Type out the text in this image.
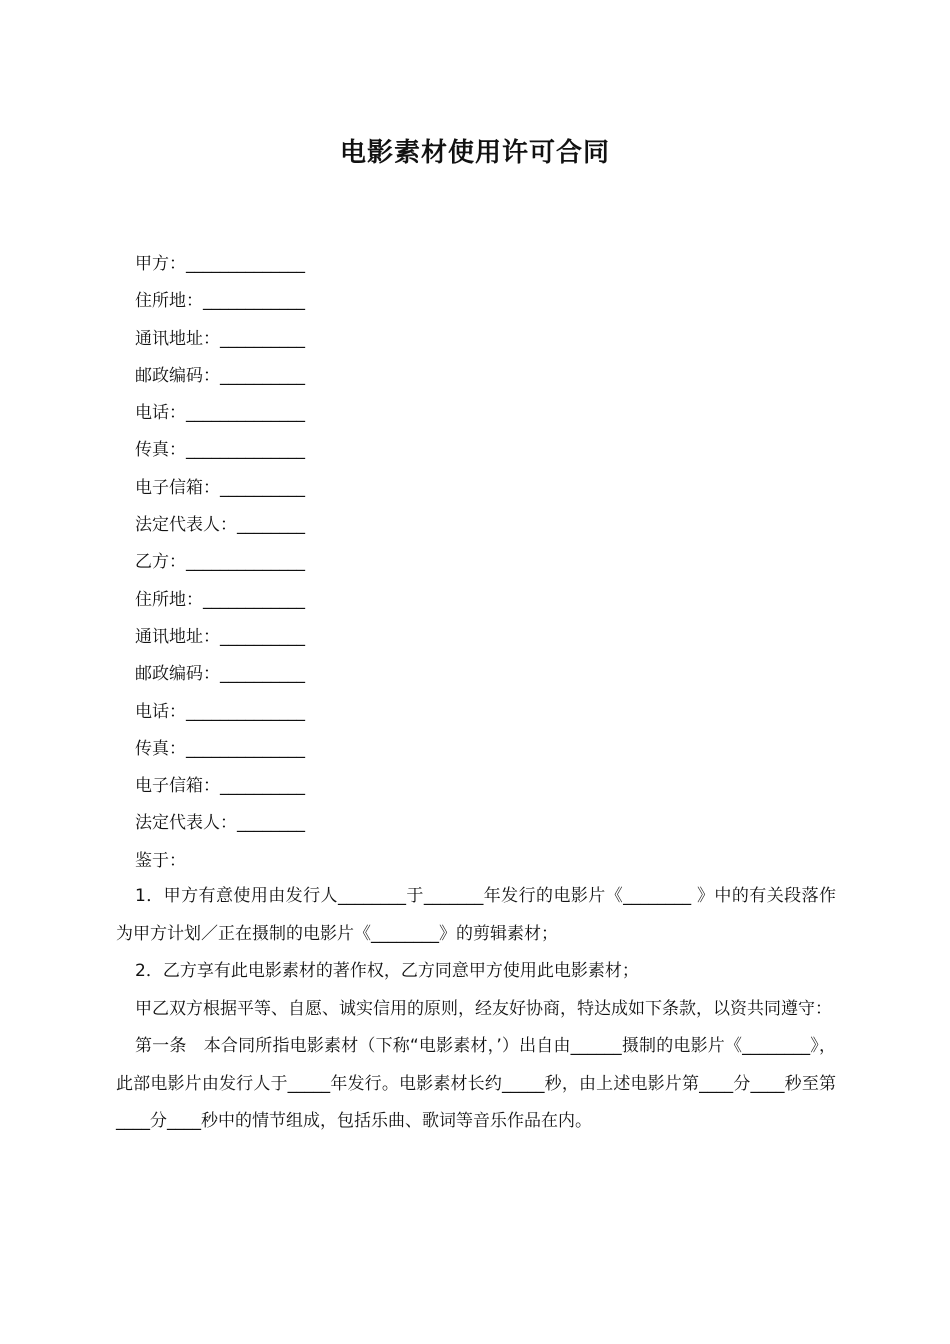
电影素材使用许可合同
甲方：______________
住所地：____________
通讯地址：__________
邮政编码：__________
电话：______________
传真：______________
电子信箱：__________
法定代表人：________
乙方：______________
住所地：____________
通讯地址：__________
邮政编码：__________
电话：______________
传真：______________
电子信箱：__________
法定代表人：________
鉴于：

1．甲方有意使用由发行人________于_______年发行的电影片《________ 》中的有关段落作为甲方计划／正在摄制的电影片《________》的剪辑素材；

2．乙方享有此电影素材的著作权，乙方同意甲方使用此电影素材；

甲乙双方根据平等、自愿、诚实信用的原则，经友好协商，特达成如下条款，以资共同遵守：

第一条　本合同所指电影素材（下称“电影素材，’）出自由______摄制的电影片《________》，此部电影片由发行人于_____年发行。电影素材长约_____秒，由上述电影片第____分____秒至第____分____秒中的情节组成，包括乐曲、歌词等音乐作品在内。
